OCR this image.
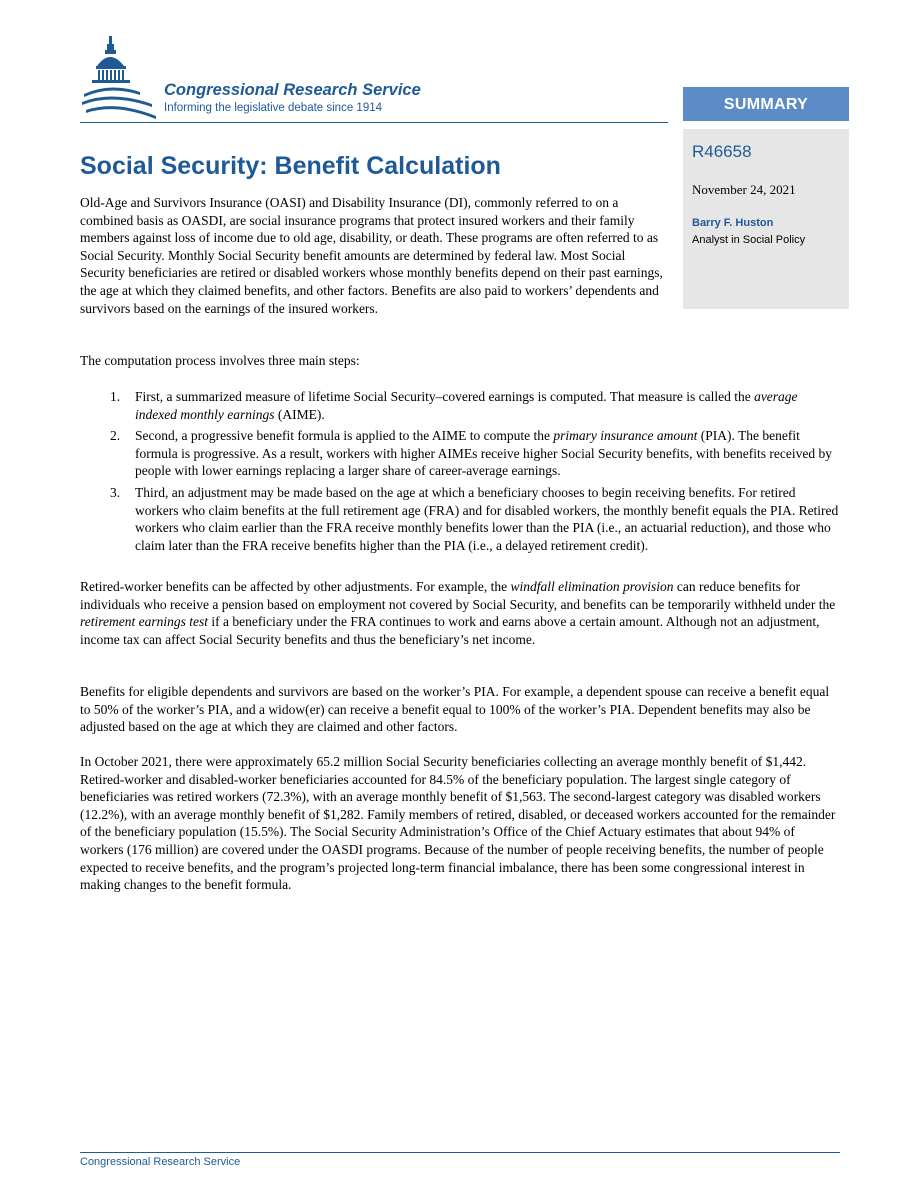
Congressional Research Service
Informing the legislative debate since 1914	SUMMARY
R46658
November 24, 2021
Barry F. Huston
Analyst in Social Policy
Social Security: Benefit Calculation

Old-Age and Survivors Insurance (OASI) and Disability Insurance (DI), commonly referred to on a combined basis as OASDI, are social insurance programs that protect insured workers and their family members against loss of income due to old age, disability, or death. These programs are often referred to as Social Security. Monthly Social Security benefit amounts are determined by federal law. Most Social Security beneficiaries are retired or disabled workers whose monthly benefits depend on their past earnings, the age at which they claimed benefits, and other factors. Benefits are also paid to workers’ dependents and survivors based on the earnings of the insured workers.

The computation process involves three main steps:

1.	First, a summarized measure of lifetime Social Security–covered earnings is computed. That measure is called the average indexed monthly earnings (AIME).
2.	Second, a progressive benefit formula is applied to the AIME to compute the primary insurance amount (PIA). The benefit formula is progressive. As a result, workers with higher AIMEs receive higher Social Security benefits, with benefits received by people with lower earnings replacing a larger share of career-average earnings.
3.	Third, an adjustment may be made based on the age at which a beneficiary chooses to begin receiving benefits. For retired workers who claim benefits at the full retirement age (FRA) and for disabled workers, the monthly benefit equals the PIA. Retired workers who claim earlier than the FRA receive monthly benefits lower than the PIA (i.e., an actuarial reduction), and those who claim later than the FRA receive benefits higher than the PIA (i.e., a delayed retirement credit).

Retired-worker benefits can be affected by other adjustments. For example, the windfall elimination provision can reduce benefits for individuals who receive a pension based on employment not covered by Social Security, and benefits can be temporarily withheld under the retirement earnings test if a beneficiary under the FRA continues to work and earns above a certain amount. Although not an adjustment, income tax can affect Social Security benefits and thus the beneficiary’s net income.

Benefits for eligible dependents and survivors are based on the worker’s PIA. For example, a dependent spouse can receive a benefit equal to 50% of the worker’s PIA, and a widow(er) can receive a benefit equal to 100% of the worker’s PIA. Dependent benefits may also be adjusted based on the age at which they are claimed and other factors.

In October 2021, there were approximately 65.2 million Social Security beneficiaries collecting an average monthly benefit of $1,442. Retired-worker and disabled-worker beneficiaries accounted for 84.5% of the beneficiary population. The largest single category of beneficiaries was retired workers (72.3%), with an average monthly benefit of $1,563. The second-largest category was disabled workers (12.2%), with an average monthly benefit of $1,282. Family members of retired, disabled, or deceased workers accounted for the remainder of the beneficiary population (15.5%). The Social Security Administration’s Office of the Chief Actuary estimates that about 94% of workers (176 million) are covered under the OASDI programs. Because of the number of people receiving benefits, the number of people expected to receive benefits, and the program’s projected long-term financial imbalance, there has been some congressional interest in making changes to the benefit formula.

Congressional Research Service
